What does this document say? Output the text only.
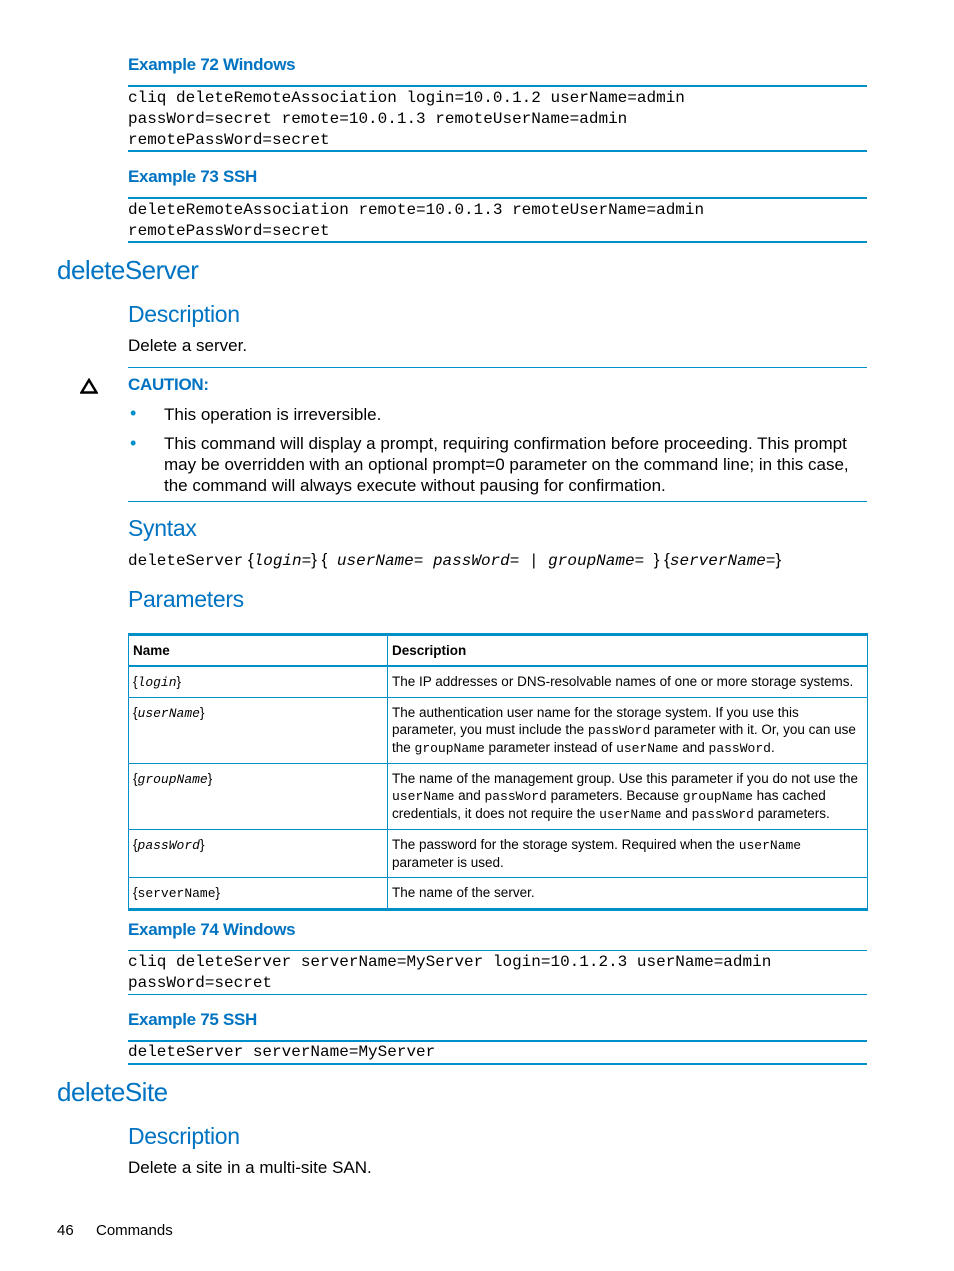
Example 72 Windows
cliq deleteRemoteAssociation login=10.0.1.2 userName=admin
passWord=secret remote=10.0.1.3 remoteUserName=admin
remotePassWord=secret
Example 73 SSH
deleteRemoteAssociation remote=10.0.1.3 remoteUserName=admin
remotePassWord=secret
deleteServer
Description
Delete a server.
CAUTION:
• This operation is irreversible.
• This command will display a prompt, requiring confirmation before proceeding. This prompt may be overridden with an optional prompt=0 parameter on the command line; in this case, the command will always execute without pausing for confirmation.
Syntax
deleteServer {login=} { userName= passWord= | groupName= } {serverName=}
Parameters
Name	Description
{login}	The IP addresses or DNS-resolvable names of one or more storage systems.
{userName}	The authentication user name for the storage system. If you use this parameter, you must include the passWord parameter with it. Or, you can use the groupName parameter instead of userName and passWord.
{groupName}	The name of the management group. Use this parameter if you do not use the userName and passWord parameters. Because groupName has cached credentials, it does not require the userName and passWord parameters.
{passWord}	The password for the storage system. Required when the userName parameter is used.
{serverName}	The name of the server.
Example 74 Windows
cliq deleteServer serverName=MyServer login=10.1.2.3 userName=admin
passWord=secret
Example 75 SSH
deleteServer serverName=MyServer
deleteSite
Description
Delete a site in a multi-site SAN.
46 Commands
